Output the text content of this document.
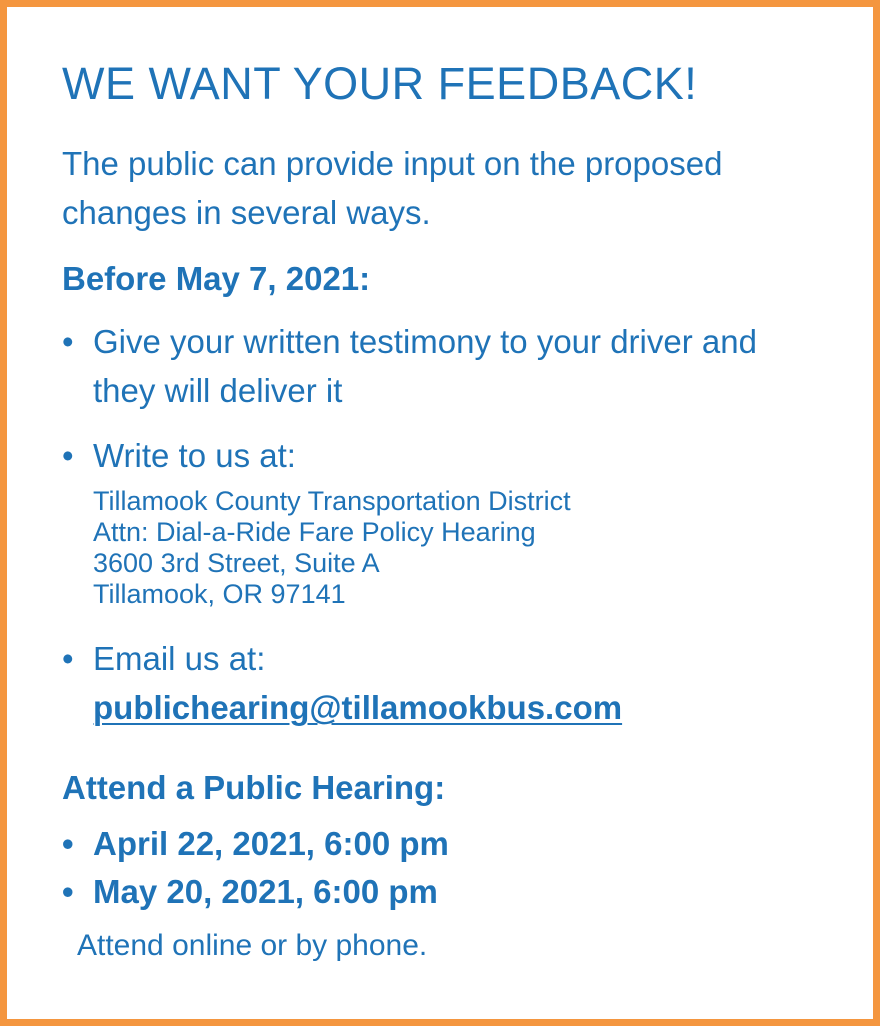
WE WANT YOUR FEEDBACK!

The public can provide input on the proposed changes in several ways.

Before May 7, 2021:
• Give your written testimony to your driver and they will deliver it
• Write to us at:
Tillamook County Transportation District
Attn: Dial-a-Ride Fare Policy Hearing
3600 3rd Street, Suite A
Tillamook, OR 97141
• Email us at:
publichearing@tillamookbus.com
Attend a Public Hearing:
• April 22, 2021, 6:00 pm
• May 20, 2021, 6:00 pm

Attend online or by phone.
